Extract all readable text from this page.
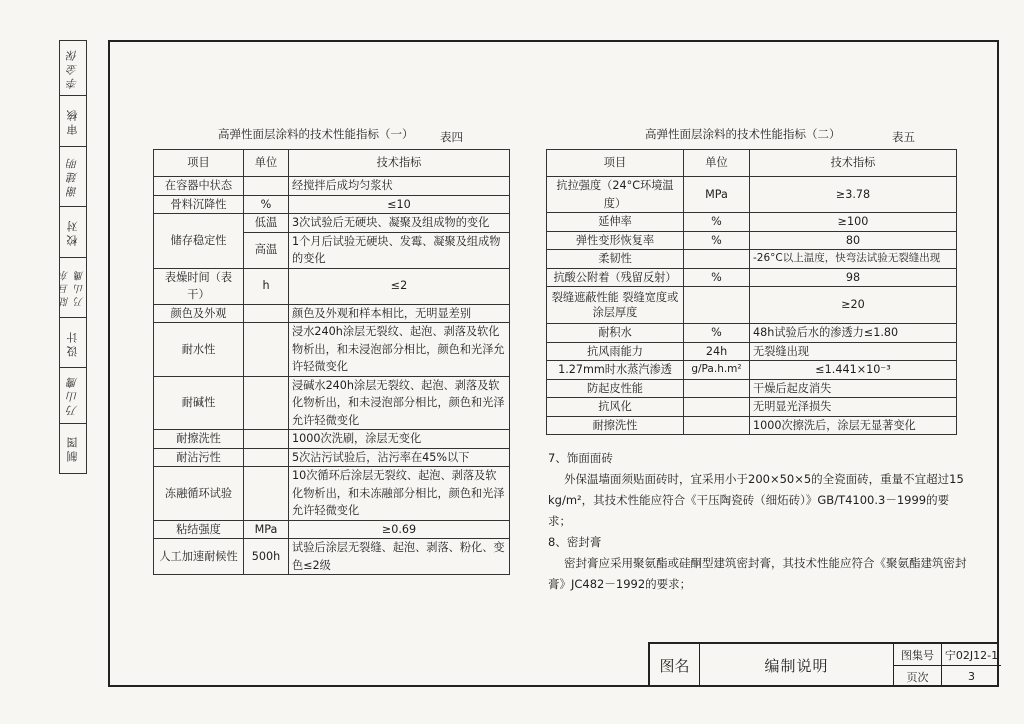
李金保
审核
谢建明
校对
陆旦东 乃山鹰
设计
乃山鹰
制图
高弹性面层涂料的技术性能指标（一） 表四
项目	单位	技术指标
在容器中状态		经搅拌后成均匀浆状
骨料沉降性	%	≤10
储存稳定性	低温	3次试验后无硬块、凝聚及组成物的变化
	高温	1个月后试验无硬块、发霉、凝聚及组成物的变化
表燥时间（表干）	h	≤2
颜色及外观		颜色及外观和样本相比，无明显差别
耐水性		浸水240h涂层无裂纹、起泡、剥落及软化物析出，和未浸泡部分相比，颜色和光泽允许轻微变化
耐碱性		浸碱水240h涂层无裂纹、起泡、剥落及软化物析出，和未浸泡部分相比，颜色和光泽允许轻微变化
耐擦洗性		1000次洗刷，涂层无变化
耐沾污性		5次沾污试验后，沾污率在45%以下
冻融循环试验		10次循环后涂层无裂纹、起泡、剥落及软化物析出，和未冻融部分相比，颜色和光泽允许轻微变化
粘结强度	MPa	≥0.69
人工加速耐候性	500h	试验后涂层无裂缝、起泡、剥落、粉化、变色≤2级
高弹性面层涂料的技术性能指标（二）	表五
项目	单位	技术指标
抗拉强度（24°C环境温度）	MPa	≥3.78
延伸率	%	≥100
弹性变形恢复率	%	80
柔韧性		-26°C以上温度，快弯法试验无裂缝出现
抗酸公附着（残留反射）	%	98
裂缝遮蔽性能 裂缝宽度或涂层厚度		≥20
耐积水	%	48h试验后水的渗透力≤1.80
抗风雨能力	24h	无裂缝出现
1.27mm时水蒸汽渗透	g/Pa.h.m²	≤1.441×10⁻³
防起皮性能		干燥后起皮消失
抗风化		无明显光泽损失
耐擦洗性		1000次擦洗后，涂层无显著变化

7、饰面面砖

外保温墙面须贴面砖时，宜采用小于200×50×5的全瓷面砖，重量不宜超过15 kg/m²，其技术性能应符合《干压陶瓷砖（细炻砖）》GB/T4100.3－1999的要求；

8、密封膏

密封膏应采用聚氨酯或硅酮型建筑密封膏，其技术性能应符合《聚氨酯建筑密封膏》JC482－1992的要求；

图名	编制说明
图集号 宁02J12-1
页次	3
